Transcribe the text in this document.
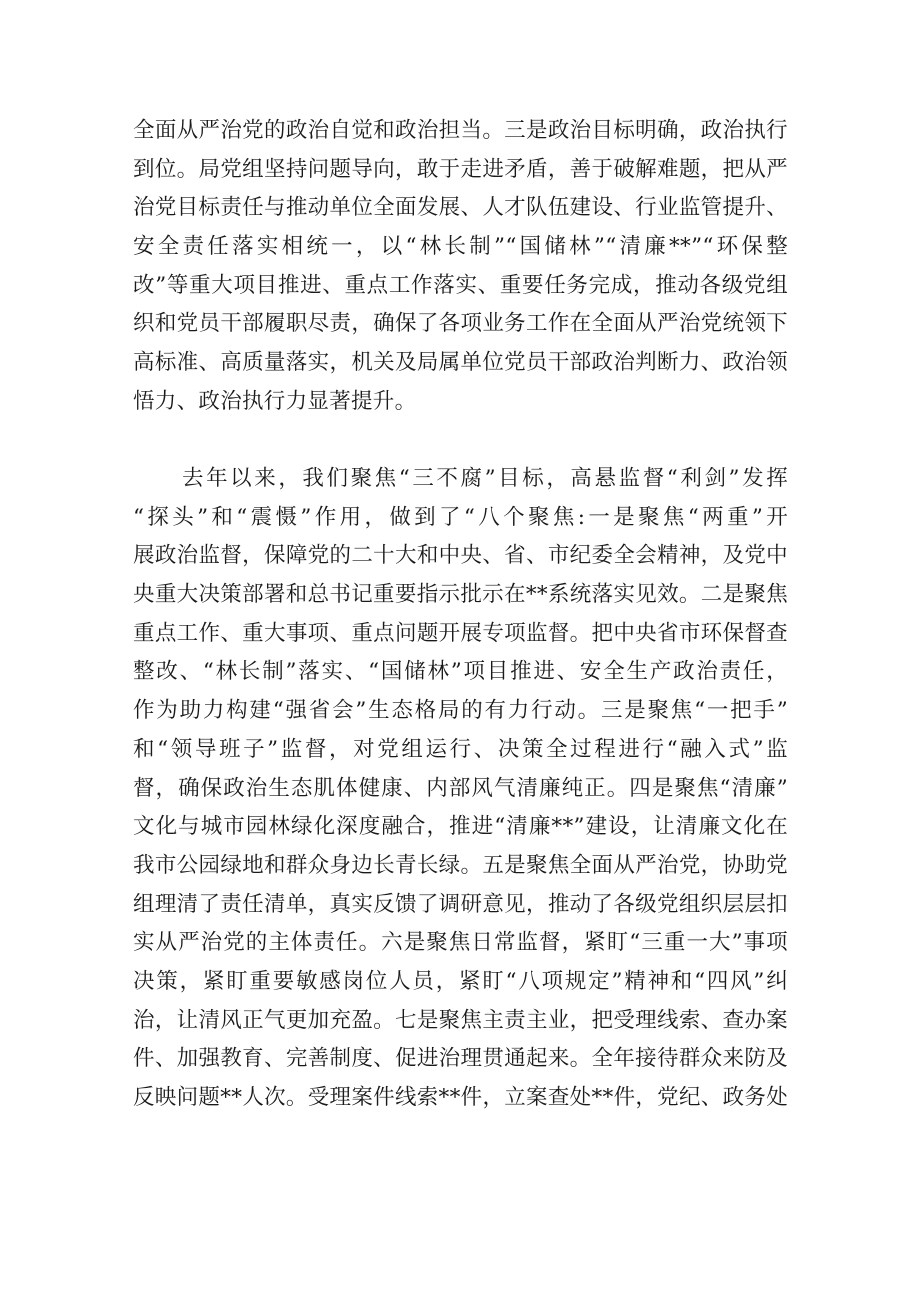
全面从严治党的政治自觉和政治担当。三是政治目标明确，政治执行
到位。局党组坚持问题导向，敢于走进矛盾，善于破解难题，把从严
治党目标责任与推动单位全面发展、人才队伍建设、行业监管提升、
安全责任落实相统一，以“林长制”“国储林”“清廉**”“环保整
改”等重大项目推进、重点工作落实、重要任务完成，推动各级党组
织和党员干部履职尽责，确保了各项业务工作在全面从严治党统领下
高标准、高质量落实，机关及局属单位党员干部政治判断力、政治领
悟力、政治执行力显著提升。
去年以来，我们聚焦“三不腐”目标，高悬监督“利剑”发挥
“探头”和“震慑”作用，做到了“八个聚焦:一是聚焦“两重”开
展政治监督，保障党的二十大和中央、省、市纪委全会精神，及党中
央重大决策部署和总书记重要指示批示在**系统落实见效。二是聚焦
重点工作、重大事项、重点问题开展专项监督。把中央省市环保督查
整改、“林长制”落实、“国储林”项目推进、安全生产政治责任，
作为助力构建“强省会”生态格局的有力行动。三是聚焦“一把手”
和“领导班子”监督，对党组运行、决策全过程进行“融入式”监
督，确保政治生态肌体健康、内部风气清廉纯正。四是聚焦“清廉”
文化与城市园林绿化深度融合，推进“清廉**”建设，让清廉文化在
我市公园绿地和群众身边长青长绿。五是聚焦全面从严治党，协助党
组理清了责任清单，真实反馈了调研意见，推动了各级党组织层层扣
实从严治党的主体责任。六是聚焦日常监督，紧盯“三重一大”事项
决策，紧盯重要敏感岗位人员，紧盯“八项规定”精神和“四风”纠
治，让清风正气更加充盈。七是聚焦主责主业，把受理线索、查办案
件、加强教育、完善制度、促进治理贯通起来。全年接待群众来防及
反映问题**人次。受理案件线索**件，立案查处**件，党纪、政务处
